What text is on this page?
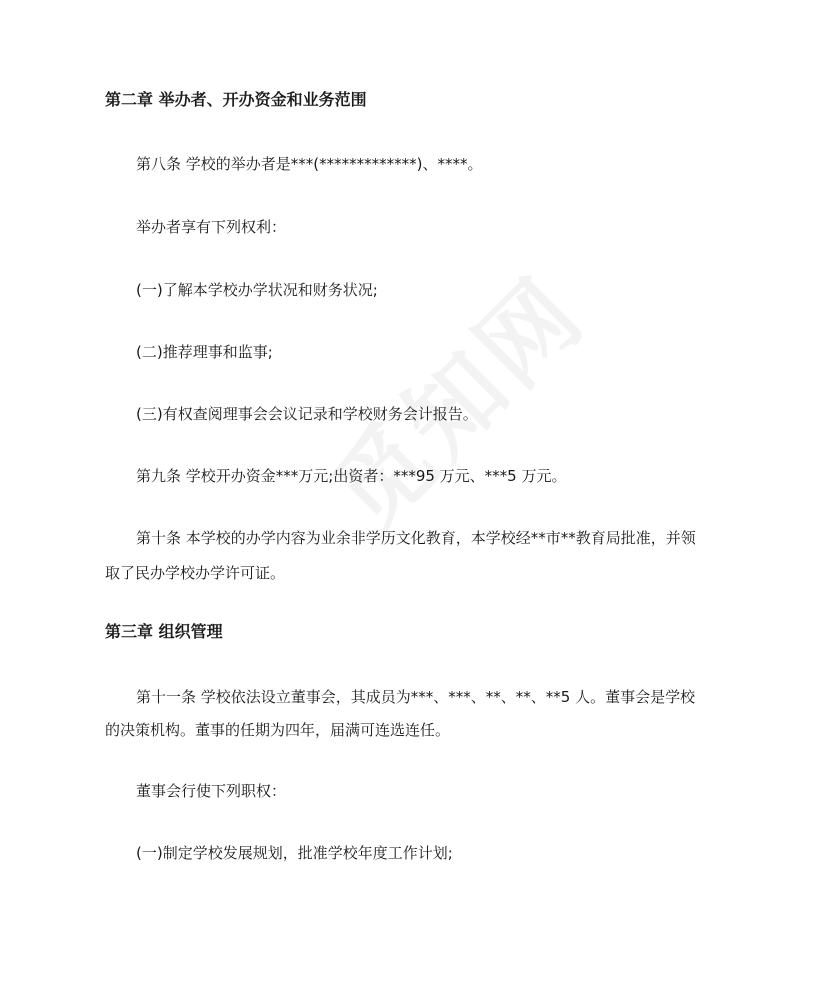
第二章 举办者、开办资金和业务范围
第八条 学校的举办者是***(*************)、****。
举办者享有下列权利：
(一)了解本学校办学状况和财务状况;
(二)推荐理事和监事;
(三)有权查阅理事会会议记录和学校财务会计报告。
第九条 学校开办资金***万元;出资者：***95 万元、***5 万元。
第十条 本学校的办学内容为业余非学历文化教育，本学校经**市**教育局批准，并领
取了民办学校办学许可证。
第三章 组织管理
第十一条 学校依法设立董事会，其成员为***、***、**、**、**5 人。董事会是学校
的决策机构。董事的任期为四年，届满可连选连任。
董事会行使下列职权：
(一)制定学校发展规划，批准学校年度工作计划;
